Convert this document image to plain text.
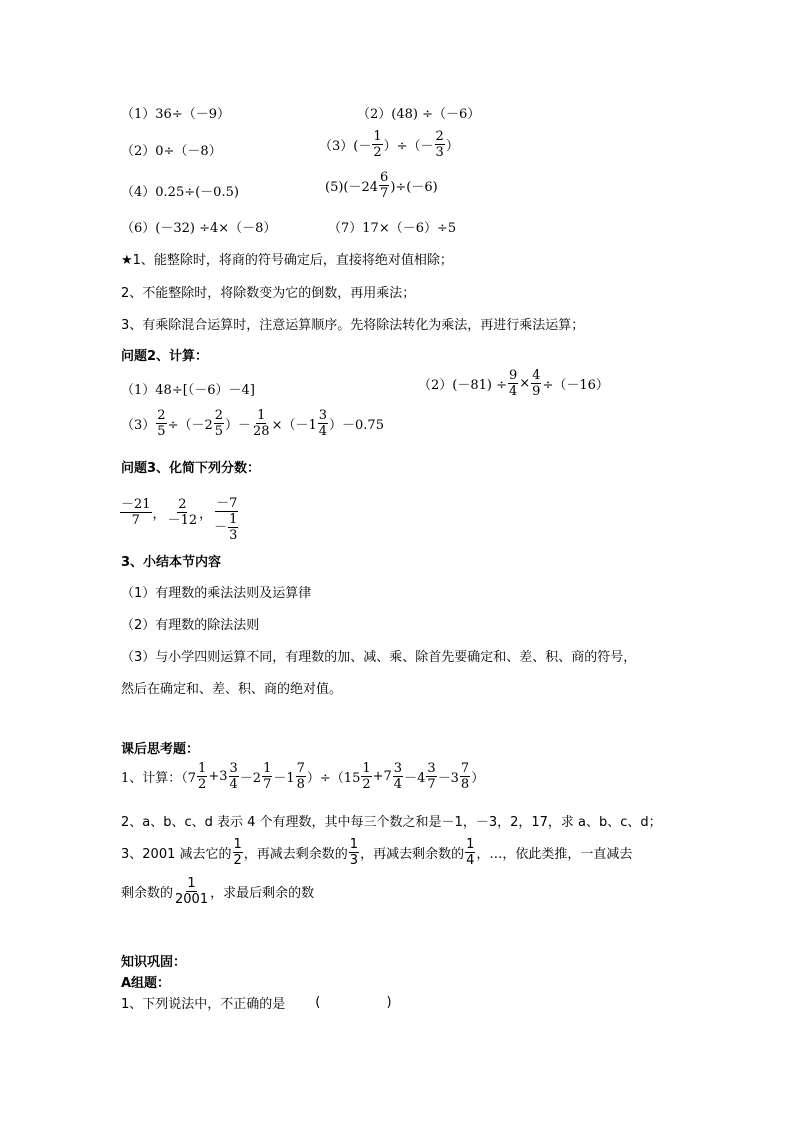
（1）36÷（－9）	（2）(48) ÷（－6）
（2）0÷（－8）	$(3)(- \frac{1}{2}$ ）÷（－ $\frac{2}{3}$ ）
（4）0.25÷(－0.5)	$(5)(-24 \frac{6}{7} )\div(-6)$
（6）(－32) ÷4×（－8）	（7）17×（－6）÷5
★1、能整除时，将商的符号确定后，直接将绝对值相除；
2、不能整除时，将除数变为它的倒数，再用乘法；
3、有乘除混合运算时，注意运算顺序。先将除法转化为乘法，再进行乘法运算；
问题2、计算：
（1）48÷[（－6）－4]	$(2)(-81) \div \frac{9}{4} \times \frac{4}{9} \div(-16)$
$(3) \frac{2}{5} \div(-2 \frac{2}{5}$ ）－ $\frac{1}{28} \times(-1 \frac{3}{4} )-0.75$
问题3、化简下列分数：
$\frac{-21}{7}$ ， $\frac{2}{-12}$ ， $\frac{-7}{- \frac{1}{3}}$
3、小结本节内容
（1）有理数的乘法法则及运算律
（2）有理数的除法法则
（3）与小学四则运算不同，有理数的加、减、乘、除首先要确定和、差、积、商的符号，
然后在确定和、差、积、商的绝对值。
课后思考题：
1、计算：$(7 \frac{1}{2} +3 \frac{3}{4} -2 \frac{1}{7} -1 \frac{7}{8} )\div(15 \frac{1}{2} +7 \frac{3}{4} -4 \frac{3}{7} -3 \frac{7}{8}$ ）
2、a、b、c、d 表示 4 个有理数，其中每三个数之和是－1，－3，2，17，求 a、b、c、d；
3、2001 减去它的 $\frac{1}{2}$ ，再减去剩余数的 $\frac{1}{3}$ ，再减去剩余数的 $\frac{1}{4}$ ，…，依此类推，一直减去
剩余数的 $\frac{1}{2001}$ ，求最后剩余的数
知识巩固：
A组题：
1、下列说法中，不正确的是 (                )
